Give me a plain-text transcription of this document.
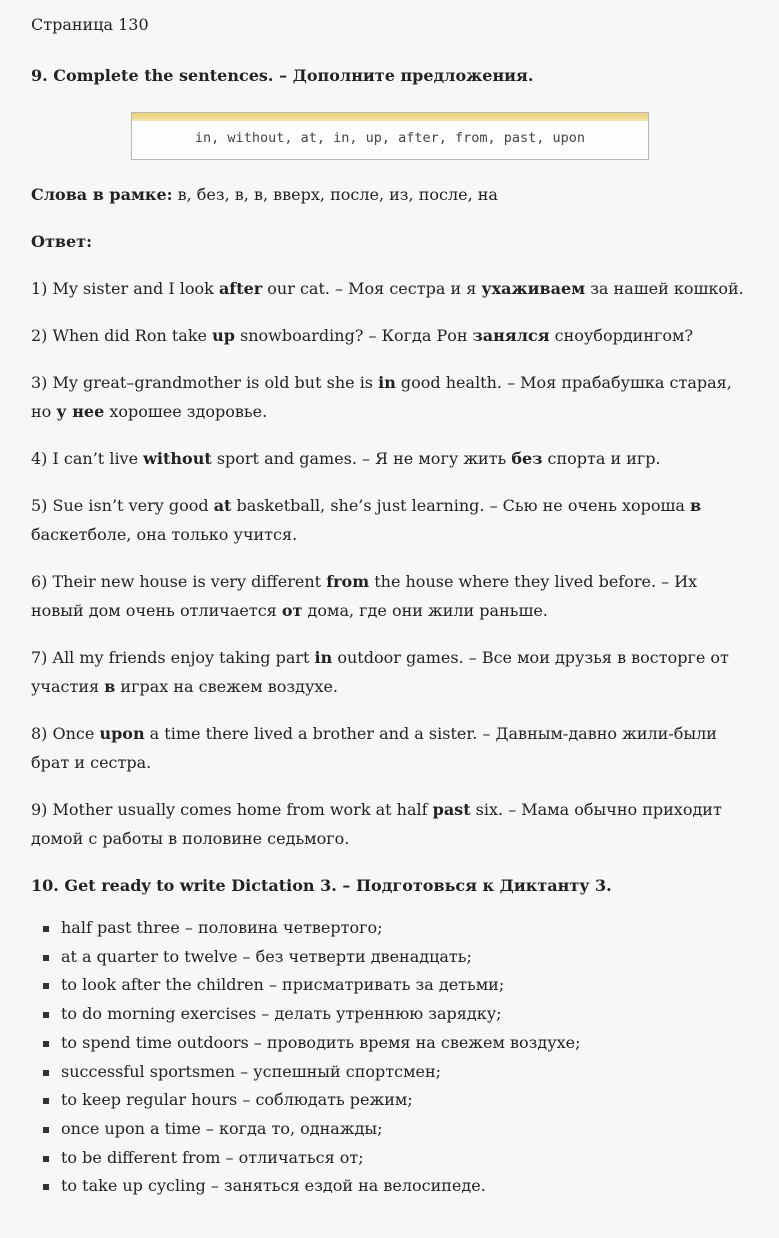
Страница 130
9. Complete the sentences. – Дополните предложения.
in, without, at, in, up, after, from, past, upon

Слова в рамке: в, без, в, в, вверх, после, из, после, на

Ответ:

1) My sister and I look after our cat. – Моя сестра и я ухаживаем за нашей кошкой.

2) When did Ron take up snowboarding? – Когда Рон занялся сноубордингом?

3) My great–grandmother is old but she is in good health. – Моя прабабушка старая, но у нее хорошее здоровье.

4) I can’t live without sport and games. – Я не могу жить без спорта и игр.

5) Sue isn’t very good at basketball, she’s just learning. – Сью не очень хороша в баскетболе, она только учится.

6) Their new house is very different from the house where they lived before. – Их новый дом очень отличается от дома, где они жили раньше.

7) All my friends enjoy taking part in outdoor games. – Все мои друзья в восторге от участия в играх на свежем воздухе.

8) Once upon a time there lived a brother and a sister. – Давным-давно жили-были брат и сестра.

9) Mother usually comes home from work at half past six. – Мама обычно приходит домой с работы в половине седьмого.

10. Get ready to write Dictation 3. – Подготовься к Диктанту 3.
half past three – половина четвертого;
at a quarter to twelve – без четверти двенадцать;
to look after the children – присматривать за детьми;
to do morning exercises – делать утреннюю зарядку;
to spend time outdoors – проводить время на свежем воздухе;
successful sportsmen – успешный спортсмен;
to keep regular hours – соблюдать режим;
once upon a time – когда то, однажды;
to be different from – отличаться от;
to take up cycling – заняться ездой на велосипеде.
